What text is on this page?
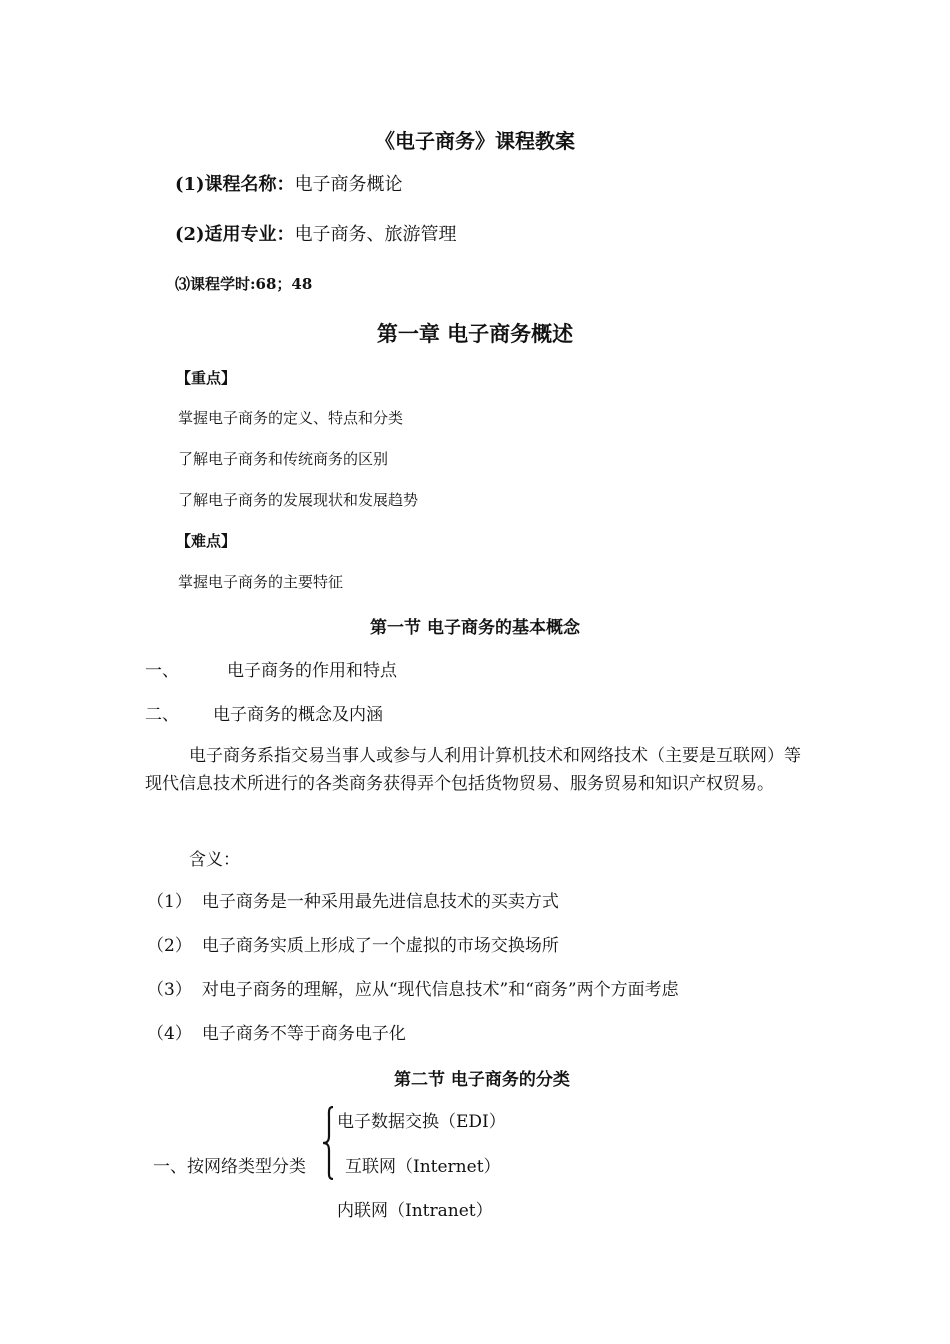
《电子商务》课程教案
(1)课程名称：电子商务概论
(2)适用专业：电子商务、旅游管理
⑶课程学时:68；48
第一章 电子商务概述
【重点】
掌握电子商务的定义、特点和分类
了解电子商务和传统商务的区别
了解电子商务的发展现状和发展趋势
【难点】
掌握电子商务的主要特征
第一节 电子商务的基本概念
一、	电子商务的作用和特点
二、 电子商务的概念及内涵
电子商务系指交易当事人或参与人利用计算机技术和网络技术（主要是互联网）等现代信息技术所进行的各类商务获得弄个包括货物贸易、服务贸易和知识产权贸易。
含义：
（1） 电子商务是一种采用最先进信息技术的买卖方式
（2） 电子商务实质上形成了一个虚拟的市场交换场所
（3） 对电子商务的理解，应从“现代信息技术”和“商务”两个方面考虑
（4） 电子商务不等于商务电子化
第二节 电子商务的分类
一、按网络类型分类
电子数据交换（EDI）
互联网（Internet）
内联网（Intranet）
